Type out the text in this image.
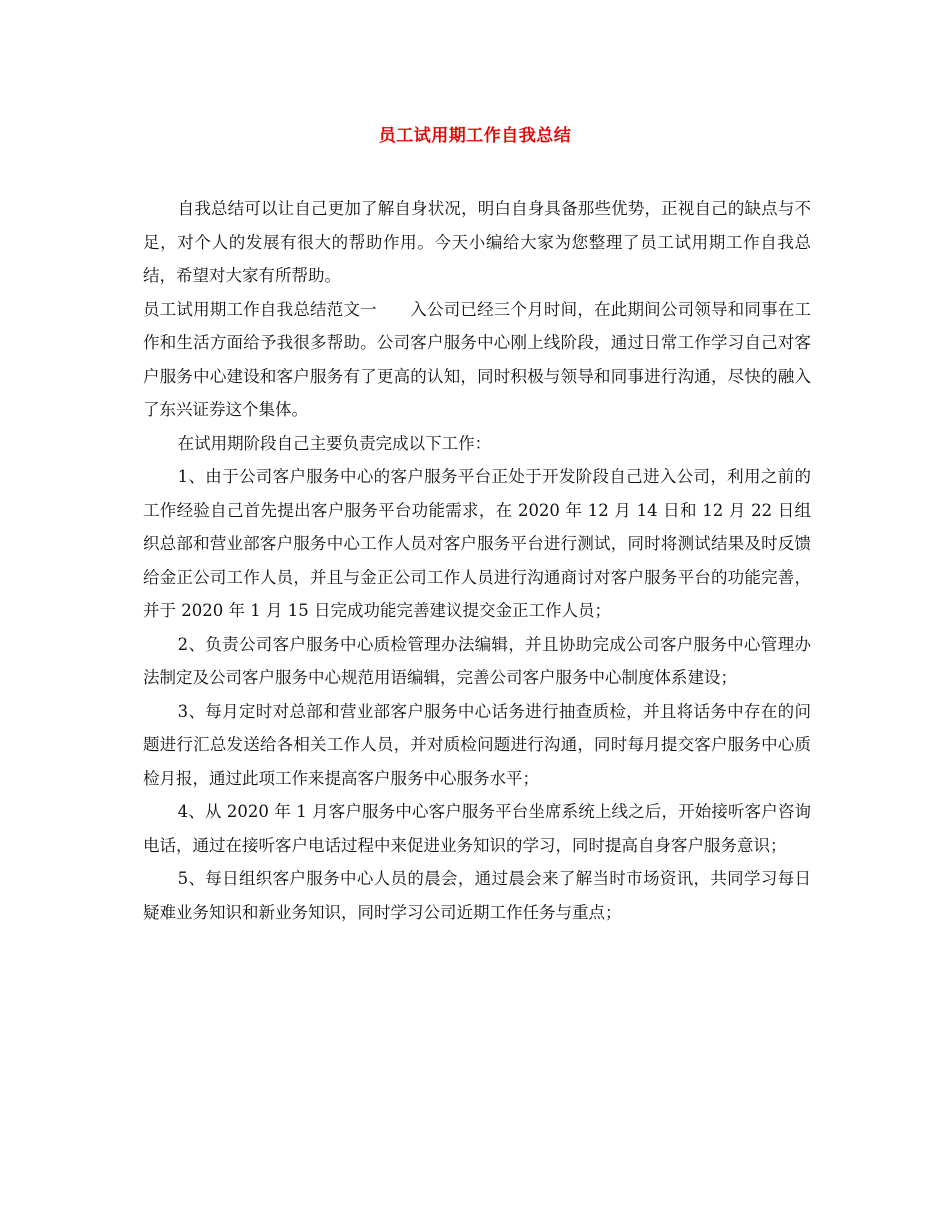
员工试用期工作自我总结

自我总结可以让自己更加了解自身状况，明白自身具备那些优势，正视自己的缺点与不足，对个人的发展有很大的帮助作用。今天小编给大家为您整理了员工试用期工作自我总结，希望对大家有所帮助。

员工试用期工作自我总结范文一　　入公司已经三个月时间，在此期间公司领导和同事在工作和生活方面给予我很多帮助。公司客户服务中心刚上线阶段，通过日常工作学习自己对客户服务中心建设和客户服务有了更高的认知，同时积极与领导和同事进行沟通，尽快的融入了东兴证券这个集体。

在试用期阶段自己主要负责完成以下工作：

1、由于公司客户服务中心的客户服务平台正处于开发阶段自己进入公司，利用之前的工作经验自己首先提出客户服务平台功能需求，在 2020 年 12 月 14 日和 12 月 22 日组织总部和营业部客户服务中心工作人员对客户服务平台进行测试，同时将测试结果及时反馈给金正公司工作人员，并且与金正公司工作人员进行沟通商讨对客户服务平台的功能完善，并于 2020 年 1 月 15 日完成功能完善建议提交金正工作人员；

2、负责公司客户服务中心质检管理办法编辑，并且协助完成公司客户服务中心管理办法制定及公司客户服务中心规范用语编辑，完善公司客户服务中心制度体系建设；

3、每月定时对总部和营业部客户服务中心话务进行抽查质检，并且将话务中存在的问题进行汇总发送给各相关工作人员，并对质检问题进行沟通，同时每月提交客户服务中心质检月报，通过此项工作来提高客户服务中心服务水平；

4、从 2020 年 1 月客户服务中心客户服务平台坐席系统上线之后，开始接听客户咨询电话，通过在接听客户电话过程中来促进业务知识的学习，同时提高自身客户服务意识；

5、每日组织客户服务中心人员的晨会，通过晨会来了解当时市场资讯，共同学习每日疑难业务知识和新业务知识，同时学习公司近期工作任务与重点；
